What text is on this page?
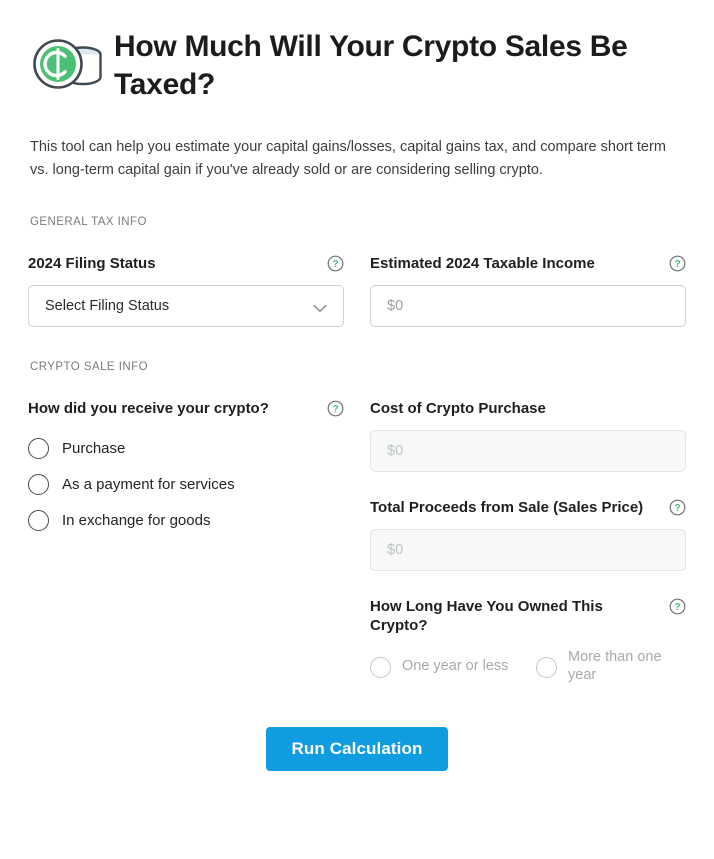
How Much Will Your Crypto Sales Be Taxed?

This tool can help you estimate your capital gains/losses, capital gains tax, and compare short term vs. long-term capital gain if you've already sold or are considering selling crypto.

GENERAL TAX INFO
2024 Filing Status	?
Select Filing Status
Estimated 2024 Taxable Income	?
$0
CRYPTO SALE INFO
How did you receive your crypto?	?
Purchase
As a payment for services
In exchange for goods
Cost of Crypto Purchase
$0
Total Proceeds from Sale (Sales Price)	?
$0
How Long Have You Owned This Crypto?
?
One year or less
More than one year
Run Calculation
